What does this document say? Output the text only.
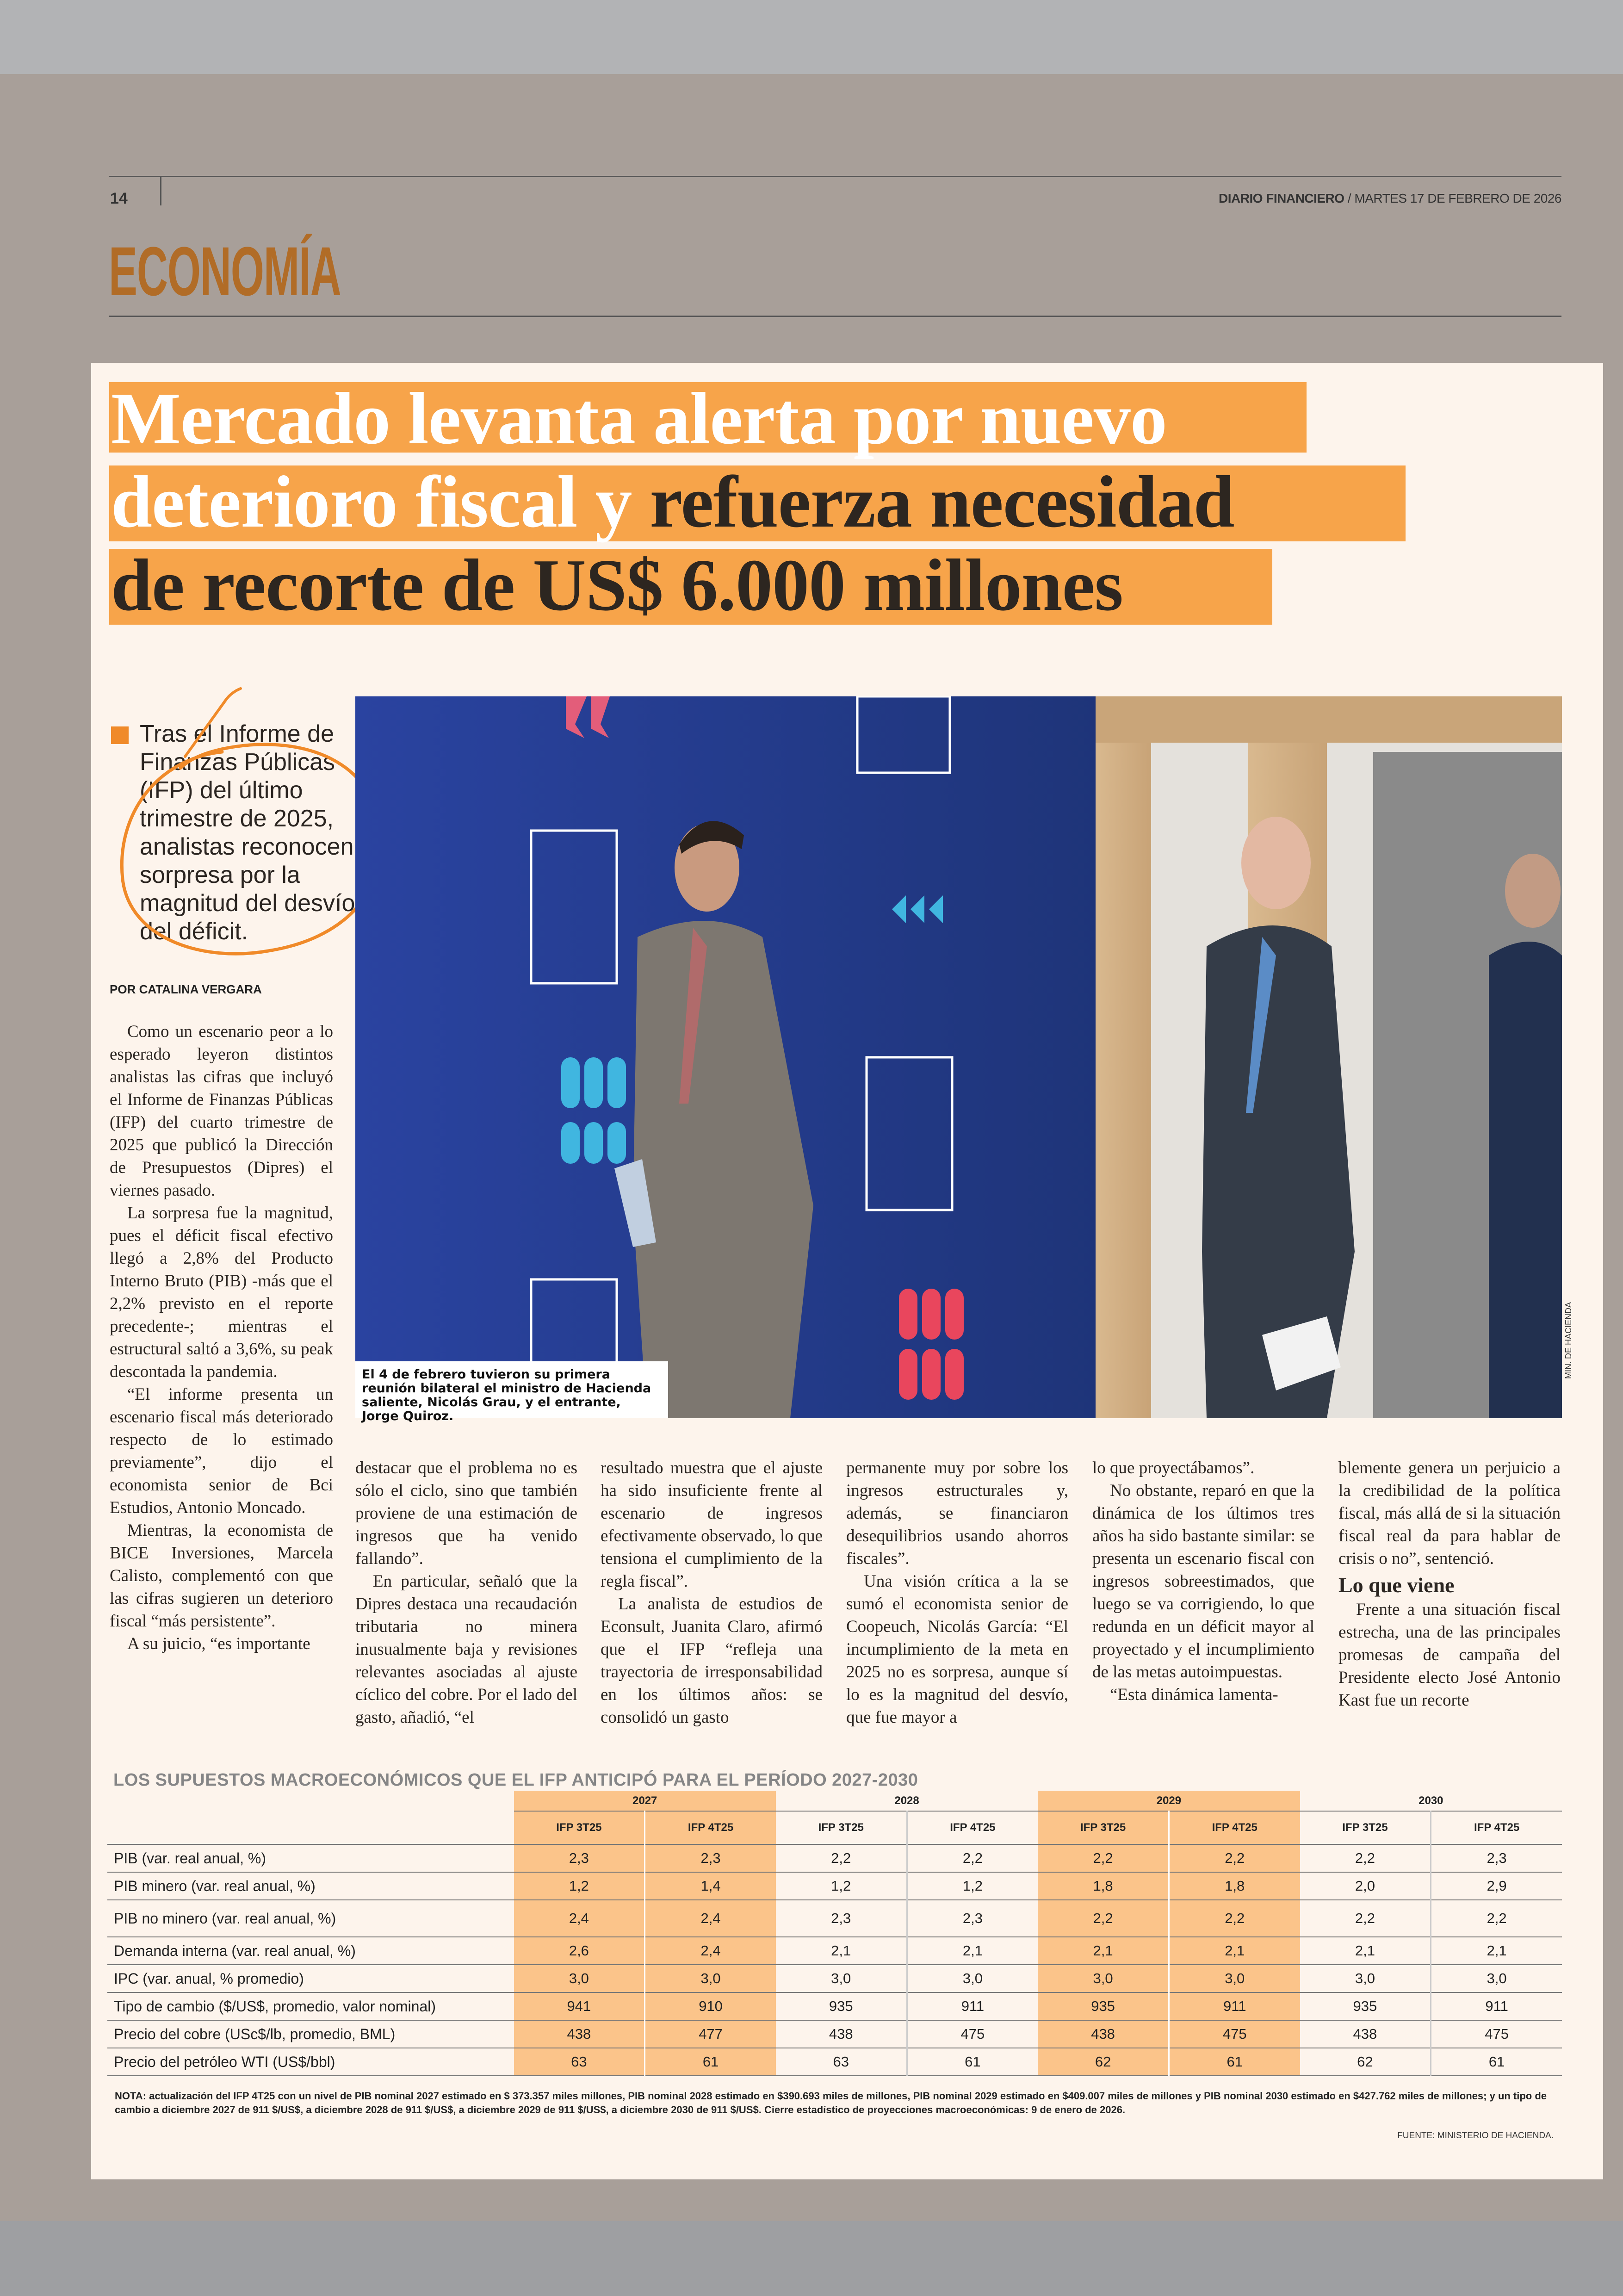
14	DIARIO FINANCIERO / MARTES 17 DE FEBRERO DE 2026
ECONOMÍA
Mercado levanta alerta por nuevo
deterioro fiscal y refuerza necesidad
de recorte de US$ 6.000 millones
Tras el Informe de Finanzas Públicas (IFP) del último trimestre de 2025, analistas reconocen sorpresa por la magnitud del desvío del déficit.
POR CATALINA VERGARA
El 4 de febrero tuvieron su primera reunión bilateral el ministro de Hacienda saliente, Nicolás Grau, y el entrante, Jorge Quiroz.
MIN. DE HACIENDA

Como un escenario peor a lo esperado leyeron distintos analistas las cifras que incluyó el Informe de Finanzas Públicas (IFP) del cuarto trimestre de 2025 que publicó la Dirección de Presupuestos (Dipres) el viernes pasado.

La sorpresa fue la magnitud, pues el déficit fiscal efectivo llegó a 2,8% del Producto Interno Bruto (PIB) -más que el 2,2% previsto en el reporte precedente-; mientras el estructural saltó a 3,6%, su peak descontada la pandemia.

“El informe presenta un escenario fiscal más deteriorado respecto de lo estimado previamente”, dijo el economista senior de Bci Estudios, Antonio Moncado.

Mientras, la economista de BICE Inversiones, Marcela Calisto, complementó con que las cifras sugieren un deterioro fiscal “más persistente”.

A su juicio, “es importante

destacar que el problema no es sólo el ciclo, sino que también proviene de una estimación de ingresos que ha venido fallando”.

En particular, señaló que la Dipres destaca una recaudación tributaria no minera inusualmente baja y revisiones relevantes asociadas al ajuste cíclico del cobre. Por el lado del gasto, añadió, “el

resultado muestra que el ajuste ha sido insuficiente frente al escenario de ingresos efectivamente observado, lo que tensiona el cumplimiento de la regla fiscal”.

La analista de estudios de Econsult, Juanita Claro, afirmó que el IFP “refleja una trayectoria de irresponsabilidad en los últimos años: se consolidó un gasto

permanente muy por sobre los ingresos estructurales y, además, se financiaron desequilibrios usando ahorros fiscales”.

Una visión crítica a la se sumó el economista senior de Coopeuch, Nicolás García: “El incumplimiento de la meta en 2025 no es sorpresa, aunque sí lo es la magnitud del desvío, que fue mayor a

lo que proyectábamos”.

No obstante, reparó en que la dinámica de los últimos tres años ha sido bastante similar: se presenta un escenario fiscal con ingresos sobreestimados, que luego se va corrigiendo, lo que redunda en un déficit mayor al proyectado y el incumplimiento de las metas autoimpuestas.

“Esta dinámica lamenta-

blemente genera un perjuicio a la credibilidad de la política fiscal, más allá de si la situación fiscal real da para hablar de crisis o no”, sentenció.

Lo que viene

Frente a una situación fiscal estrecha, una de las principales promesas de campaña del Presidente electo José Antonio Kast fue un recorte

LOS SUPUESTOS MACROECONÓMICOS QUE EL IFP ANTICIPÓ PARA EL PERÍODO 2027-2030
	2027		2028		2029		2030	
	IFP 3T25	IFP 4T25	IFP 3T25	IFP 4T25	IFP 3T25	IFP 4T25	IFP 3T25	IFP 4T25
PIB (var. real anual, %)	2,3	2,3	2,2	2,2	2,2	2,2	2,2	2,3
PIB minero (var. real anual, %)	1,2	1,4	1,2	1,2	1,8	1,8	2,0	2,9
PIB no minero (var. real anual, %)	2,4	2,4	2,3	2,3	2,2	2,2	2,2	2,2
Demanda interna (var. real anual, %)	2,6	2,4	2,1	2,1	2,1	2,1	2,1	2,1
IPC (var. anual, % promedio)	3,0	3,0	3,0	3,0	3,0	3,0	3,0	3,0
Tipo de cambio ($/US$, promedio, valor nominal)	941	910	935	911	935	911	935	911
Precio del cobre (USc$/lb, promedio, BML)	438	477	438	475	438	475	438	475
Precio del petróleo WTI (US$/bbl)	63	61	63	61	62	61	62	61
NOTA: actualización del IFP 4T25 con un nivel de PIB nominal 2027 estimado en $ 373.357 miles millones, PIB nominal 2028 estimado en $390.693 miles de millones, PIB nominal 2029 estimado en $409.007 miles de millones y PIB nominal 2030 estimado en $427.762 miles de millones; y un tipo de cambio a diciembre 2027 de 911 $/US$, a diciembre 2028 de 911 $/US$, a diciembre 2029 de 911 $/US$, a diciembre 2030 de 911 $/US$. Cierre estadístico de proyecciones macroeconómicas: 9 de enero de 2026.
FUENTE: MINISTERIO DE HACIENDA.
